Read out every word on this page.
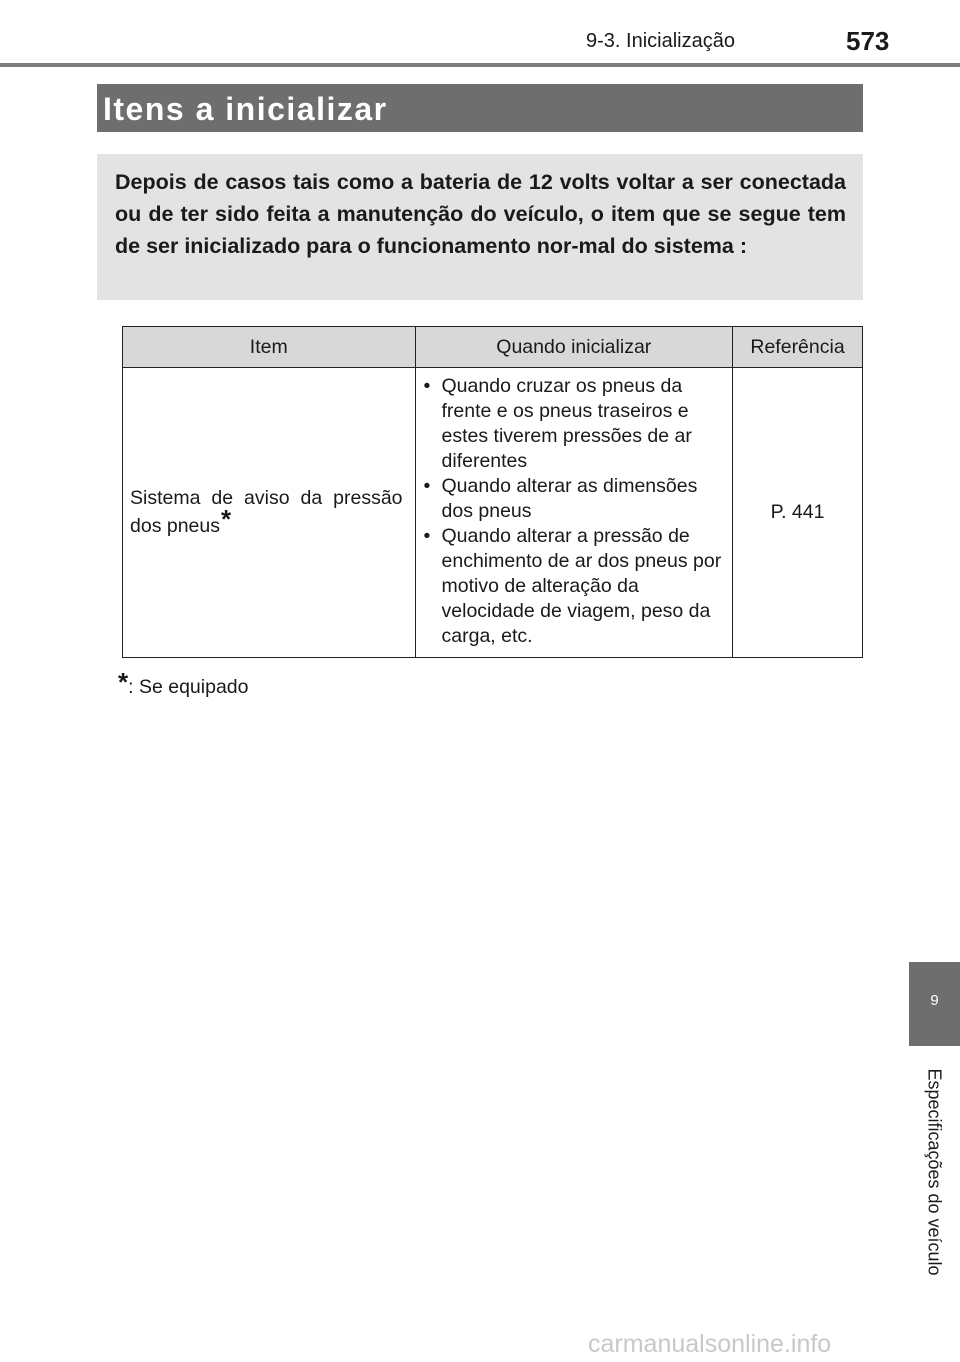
9-3. Inicialização	573
Itens a inicializar

Depois de casos tais como a bateria de 12 volts voltar a ser conectada ou de ter sido feita a manutenção do veículo, o item que se segue tem de ser inicializado para o funcionamento nor-mal do sistema :

Item	Quando inicializar	Referência
Sistema de aviso da pressão dos pneus*	• Quando cruzar os pneus da frente e os pneus traseiros e estes tiverem pressões de ar diferentes
• Quando alterar as dimensões dos pneus
• Quando alterar a pressão de enchimento de ar dos pneus por motivo de alteração da velocidade de viagem, peso da carga, etc.	P. 441
*: Se equipado
9
Especificações do veículo
carmanualsonline.info
